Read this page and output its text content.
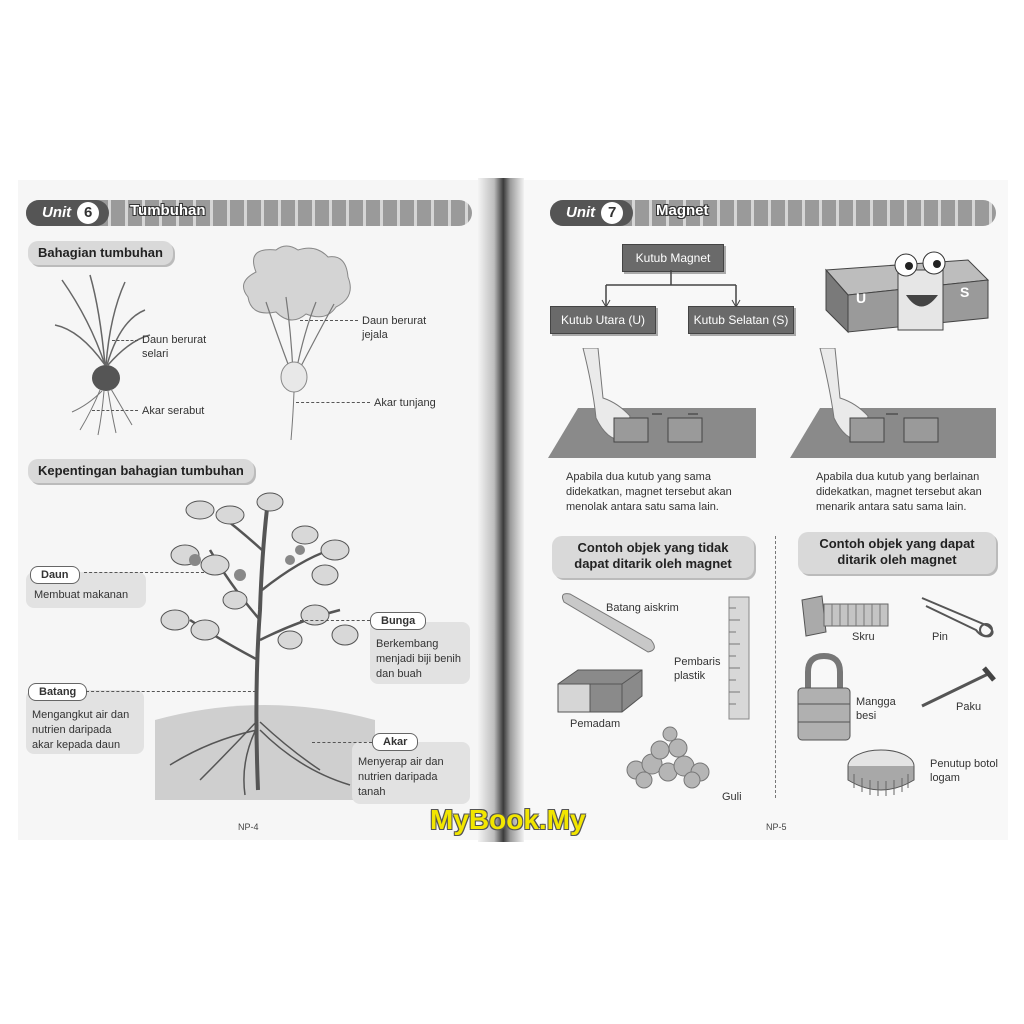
Unit 6	Tumbuhan
Bahagian tumbuhan
Daun berurat
selari
Akar serabut
Daun berurat
jejala
Akar tunjang
Kepentingan bahagian tumbuhan
Daun
Membuat makanan
Bunga
Berkembang
menjadi biji benih
dan buah
Batang
Mengangkut air dan
nutrien daripada
akar kepada daun	Akar
Menyerap air dan
nutrien daripada
tanah
NP-4
Unit 7	Magnet
Kutub Magnet
Kutub Utara (U)	Kutub Selatan (S)
U	S
Apabila dua kutub yang sama
didekatkan, magnet tersebut akan
menolak antara satu sama lain.
Apabila dua kutub yang berlainan
didekatkan, magnet tersebut akan
menarik antara satu sama lain.
Contoh objek yang tidak
dapat ditarik oleh magnet
Contoh objek yang dapat
ditarik oleh magnet
Batang aiskrim
Pembaris
plastik
Pemadam
Guli
Skru	Pin
Mangga
besi
Paku
Penutup botol
logam
NP-5
MyBook.My
